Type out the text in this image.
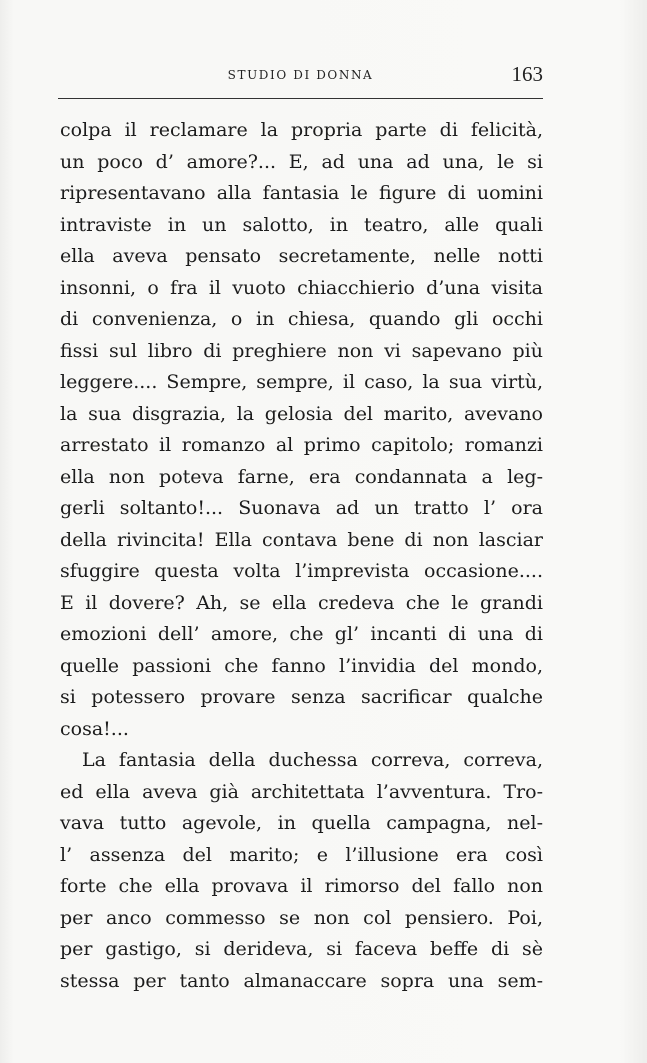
STUDIO DI DONNA	163
colpa il reclamare la propria parte di felicità,
un poco d’ amore?... E, ad una ad una, le si
ripresentavano alla fantasia le figure di uomini
intraviste in un salotto, in teatro, alle quali
ella aveva pensato secretamente, nelle notti
insonni, o fra il vuoto chiacchierio d’una visita
di convenienza, o in chiesa, quando gli occhi
fissi sul libro di preghiere non vi sapevano più
leggere.... Sempre, sempre, il caso, la sua virtù,
la sua disgrazia, la gelosia del marito, avevano
arrestato il romanzo al primo capitolo; romanzi
ella non poteva farne, era condannata a leg-
gerli soltanto!... Suonava ad un tratto l’ ora
della rivincita! Ella contava bene di non lasciar
sfuggire questa volta l’imprevista occasione....
E il dovere? Ah, se ella credeva che le grandi
emozioni dell’ amore, che gl’ incanti di una di
quelle passioni che fanno l’invidia del mondo,
si potessero provare senza sacrificar qualche
cosa!...
La fantasia della duchessa correva, correva,
ed ella aveva già architettata l’avventura. Tro-
vava tutto agevole, in quella campagna, nel-
l’ assenza del marito; e l’illusione era così
forte che ella provava il rimorso del fallo non
per anco commesso se non col pensiero. Poi,
per gastigo, si derideva, si faceva beffe di sè
stessa per tanto almanaccare sopra una sem-
